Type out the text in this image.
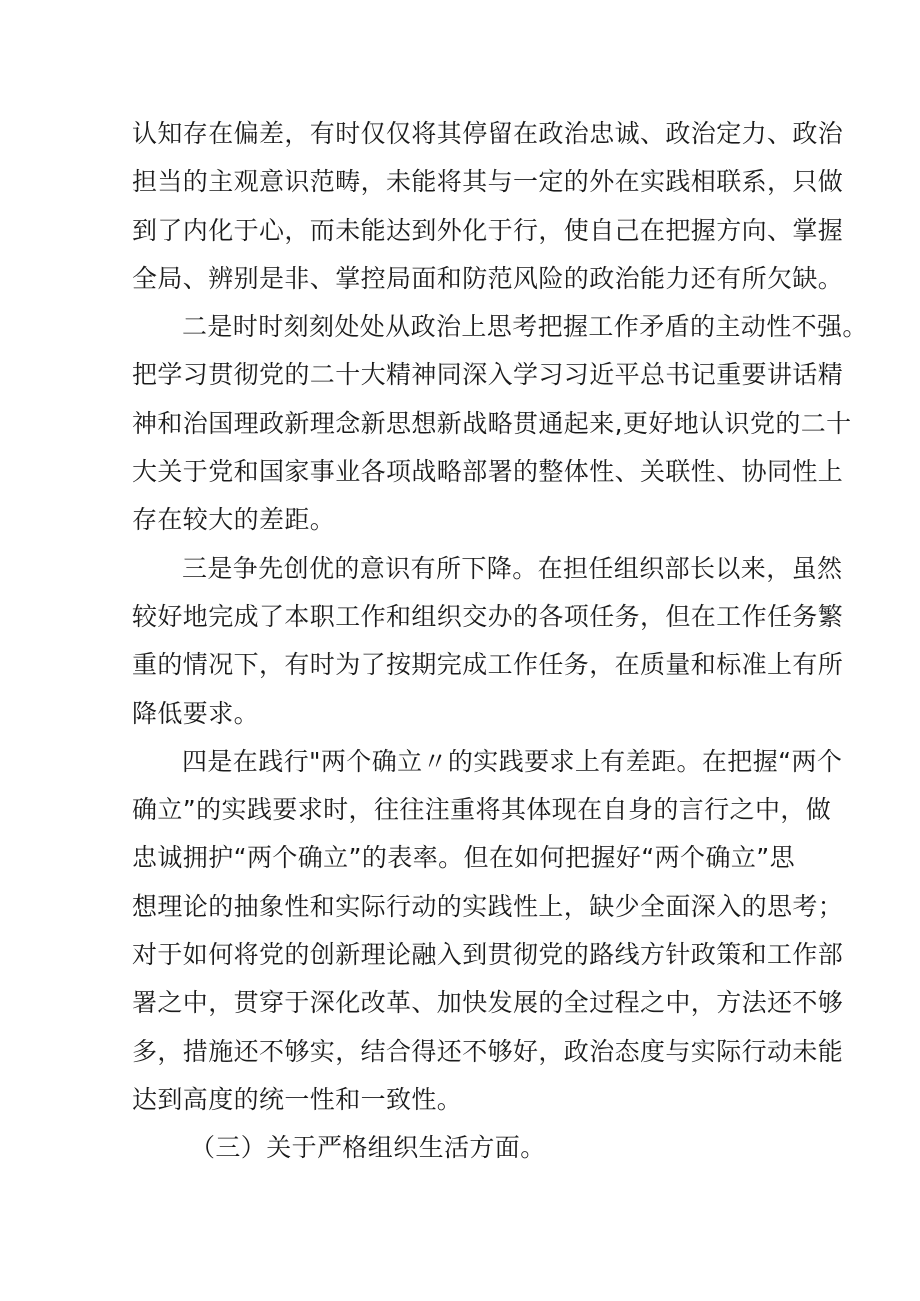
认知存在偏差，有时仅仅将其停留在政治忠诚、政治定力、政治
担当的主观意识范畴，未能将其与一定的外在实践相联系，只做
到了内化于心，而未能达到外化于行，使自己在把握方向、掌握
全局、辨别是非、掌控局面和防范风险的政治能力还有所欠缺。
二是时时刻刻处处从政治上思考把握工作矛盾的主动性不强。
把学习贯彻党的二十大精神同深入学习习近平总书记重要讲话精
神和治国理政新理念新思想新战略贯通起来,更好地认识党的二十
大关于党和国家事业各项战略部署的整体性、关联性、协同性上
存在较大的差距。
三是争先创优的意识有所下降。在担任组织部长以来，虽然
较好地完成了本职工作和组织交办的各项任务，但在工作任务繁
重的情况下，有时为了按期完成工作任务，在质量和标准上有所
降低要求。
四是在践行"两个确立〃的实践要求上有差距。在把握“两个
确立”的实践要求时，往往注重将其体现在自身的言行之中，做
忠诚拥护“两个确立”的表率。但在如何把握好“两个确立”思
想理论的抽象性和实际行动的实践性上，缺少全面深入的思考；
对于如何将党的创新理论融入到贯彻党的路线方针政策和工作部
署之中，贯穿于深化改革、加快发展的全过程之中，方法还不够
多，措施还不够实，结合得还不够好，政治态度与实际行动未能
达到高度的统一性和一致性。
（三）关于严格组织生活方面。
